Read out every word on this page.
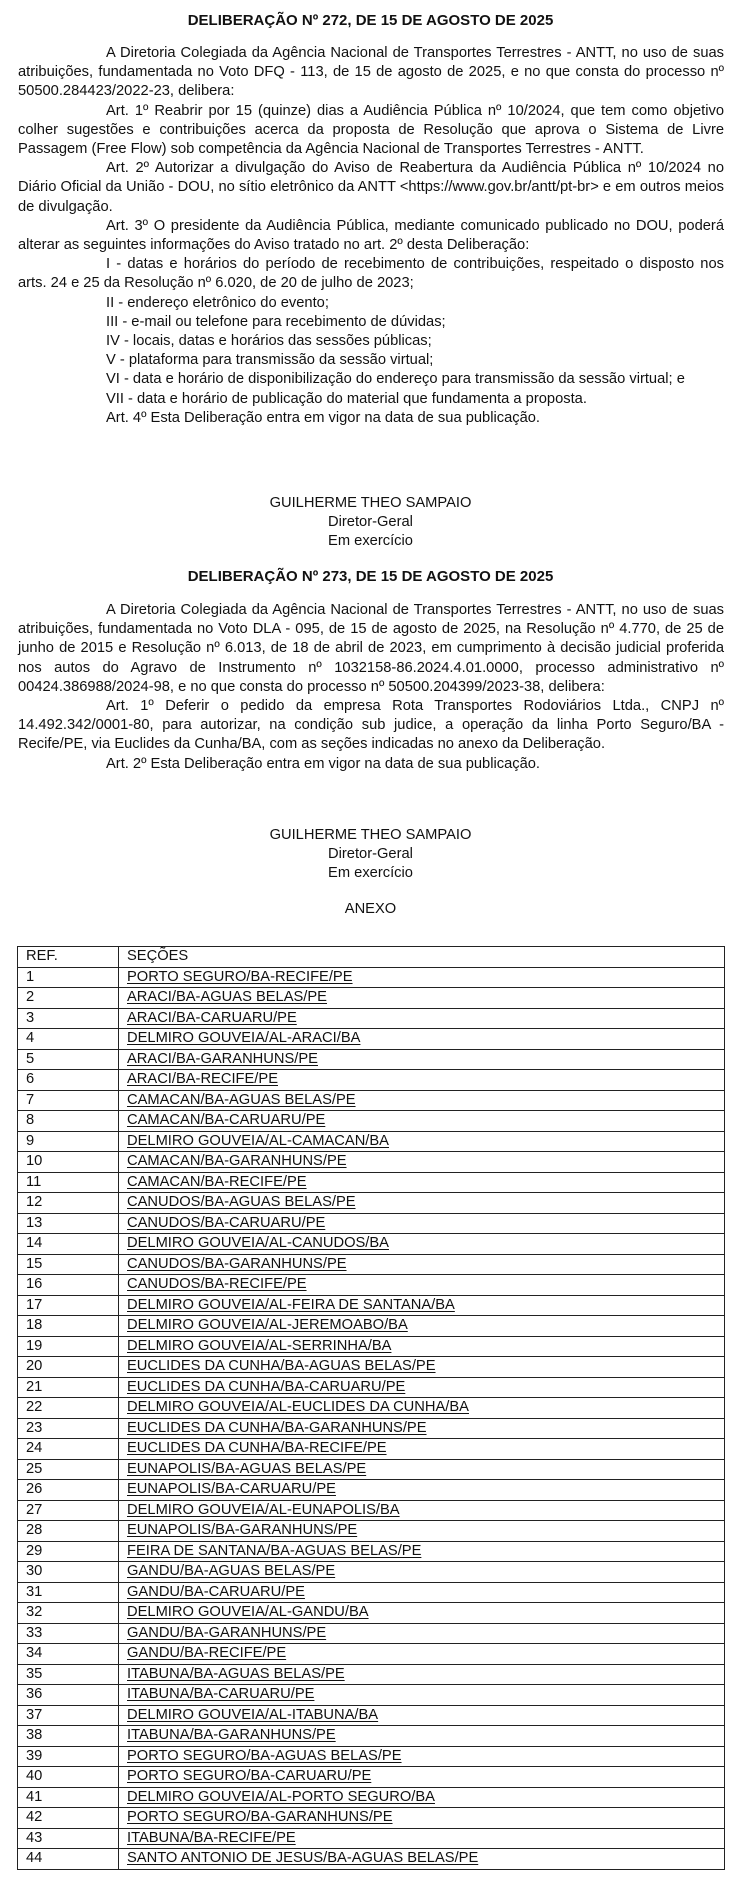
DELIBERAÇÃO Nº 272, DE 15 DE AGOSTO DE 2025

A Diretoria Colegiada da Agência Nacional de Transportes Terrestres - ANTT, no uso de suas atribuições, fundamentada no Voto DFQ - 113, de 15 de agosto de 2025, e no que consta do processo nº 50500.284423/2022-23, delibera:

Art. 1º Reabrir por 15 (quinze) dias a Audiência Pública nº 10/2024, que tem como objetivo colher sugestões e contribuições acerca da proposta de Resolução que aprova o Sistema de Livre Passagem (Free Flow) sob competência da Agência Nacional de Transportes Terrestres - ANTT.

Art. 2º Autorizar a divulgação do Aviso de Reabertura da Audiência Pública nº 10/2024 no Diário Oficial da União - DOU, no sítio eletrônico da ANTT <https://www.gov.br/antt/pt-br> e em outros meios de divulgação.

Art. 3º O presidente da Audiência Pública, mediante comunicado publicado no DOU, poderá alterar as seguintes informações do Aviso tratado no art. 2º desta Deliberação:

I - datas e horários do período de recebimento de contribuições, respeitado o disposto nos arts. 24 e 25 da Resolução nº 6.020, de 20 de julho de 2023;

II - endereço eletrônico do evento;

III - e-mail ou telefone para recebimento de dúvidas;

IV - locais, datas e horários das sessões públicas;

V - plataforma para transmissão da sessão virtual;

VI - data e horário de disponibilização do endereço para transmissão da sessão virtual; e

VII - data e horário de publicação do material que fundamenta a proposta.

Art. 4º Esta Deliberação entra em vigor na data de sua publicação.

GUILHERME THEO SAMPAIO
Diretor-Geral
Em exercício
DELIBERAÇÃO Nº 273, DE 15 DE AGOSTO DE 2025

A Diretoria Colegiada da Agência Nacional de Transportes Terrestres - ANTT, no uso de suas atribuições, fundamentada no Voto DLA - 095, de 15 de agosto de 2025, na Resolução nº 4.770, de 25 de junho de 2015 e Resolução nº 6.013, de 18 de abril de 2023, em cumprimento à decisão judicial proferida nos autos do Agravo de Instrumento nº 1032158-86.2024.4.01.0000, processo administrativo nº 00424.386988/2024-98, e no que consta do processo nº 50500.204399/2023-38, delibera:

Art. 1º Deferir o pedido da empresa Rota Transportes Rodoviários Ltda., CNPJ nº 14.492.342/0001-80, para autorizar, na condição sub judice, a operação da linha Porto Seguro/BA - Recife/PE, via Euclides da Cunha/BA, com as seções indicadas no anexo da Deliberação.

Art. 2º Esta Deliberação entra em vigor na data de sua publicação.

GUILHERME THEO SAMPAIO
Diretor-Geral
Em exercício
ANEXO
REF.	SEÇÕES
1	PORTO SEGURO/BA-RECIFE/PE
2	ARACI/BA-AGUAS BELAS/PE
3	ARACI/BA-CARUARU/PE
4	DELMIRO GOUVEIA/AL-ARACI/BA
5	ARACI/BA-GARANHUNS/PE
6	ARACI/BA-RECIFE/PE
7	CAMACAN/BA-AGUAS BELAS/PE
8	CAMACAN/BA-CARUARU/PE
9	DELMIRO GOUVEIA/AL-CAMACAN/BA
10	CAMACAN/BA-GARANHUNS/PE
11	CAMACAN/BA-RECIFE/PE
12	CANUDOS/BA-AGUAS BELAS/PE
13	CANUDOS/BA-CARUARU/PE
14	DELMIRO GOUVEIA/AL-CANUDOS/BA
15	CANUDOS/BA-GARANHUNS/PE
16	CANUDOS/BA-RECIFE/PE
17	DELMIRO GOUVEIA/AL-FEIRA DE SANTANA/BA
18	DELMIRO GOUVEIA/AL-JEREMOABO/BA
19	DELMIRO GOUVEIA/AL-SERRINHA/BA
20	EUCLIDES DA CUNHA/BA-AGUAS BELAS/PE
21	EUCLIDES DA CUNHA/BA-CARUARU/PE
22	DELMIRO GOUVEIA/AL-EUCLIDES DA CUNHA/BA
23	EUCLIDES DA CUNHA/BA-GARANHUNS/PE
24	EUCLIDES DA CUNHA/BA-RECIFE/PE
25	EUNAPOLIS/BA-AGUAS BELAS/PE
26	EUNAPOLIS/BA-CARUARU/PE
27	DELMIRO GOUVEIA/AL-EUNAPOLIS/BA
28	EUNAPOLIS/BA-GARANHUNS/PE
29	FEIRA DE SANTANA/BA-AGUAS BELAS/PE
30	GANDU/BA-AGUAS BELAS/PE
31	GANDU/BA-CARUARU/PE
32	DELMIRO GOUVEIA/AL-GANDU/BA
33	GANDU/BA-GARANHUNS/PE
34	GANDU/BA-RECIFE/PE
35	ITABUNA/BA-AGUAS BELAS/PE
36	ITABUNA/BA-CARUARU/PE
37	DELMIRO GOUVEIA/AL-ITABUNA/BA
38	ITABUNA/BA-GARANHUNS/PE
39	PORTO SEGURO/BA-AGUAS BELAS/PE
40	PORTO SEGURO/BA-CARUARU/PE
41	DELMIRO GOUVEIA/AL-PORTO SEGURO/BA
42	PORTO SEGURO/BA-GARANHUNS/PE
43	ITABUNA/BA-RECIFE/PE
44	SANTO ANTONIO DE JESUS/BA-AGUAS BELAS/PE
